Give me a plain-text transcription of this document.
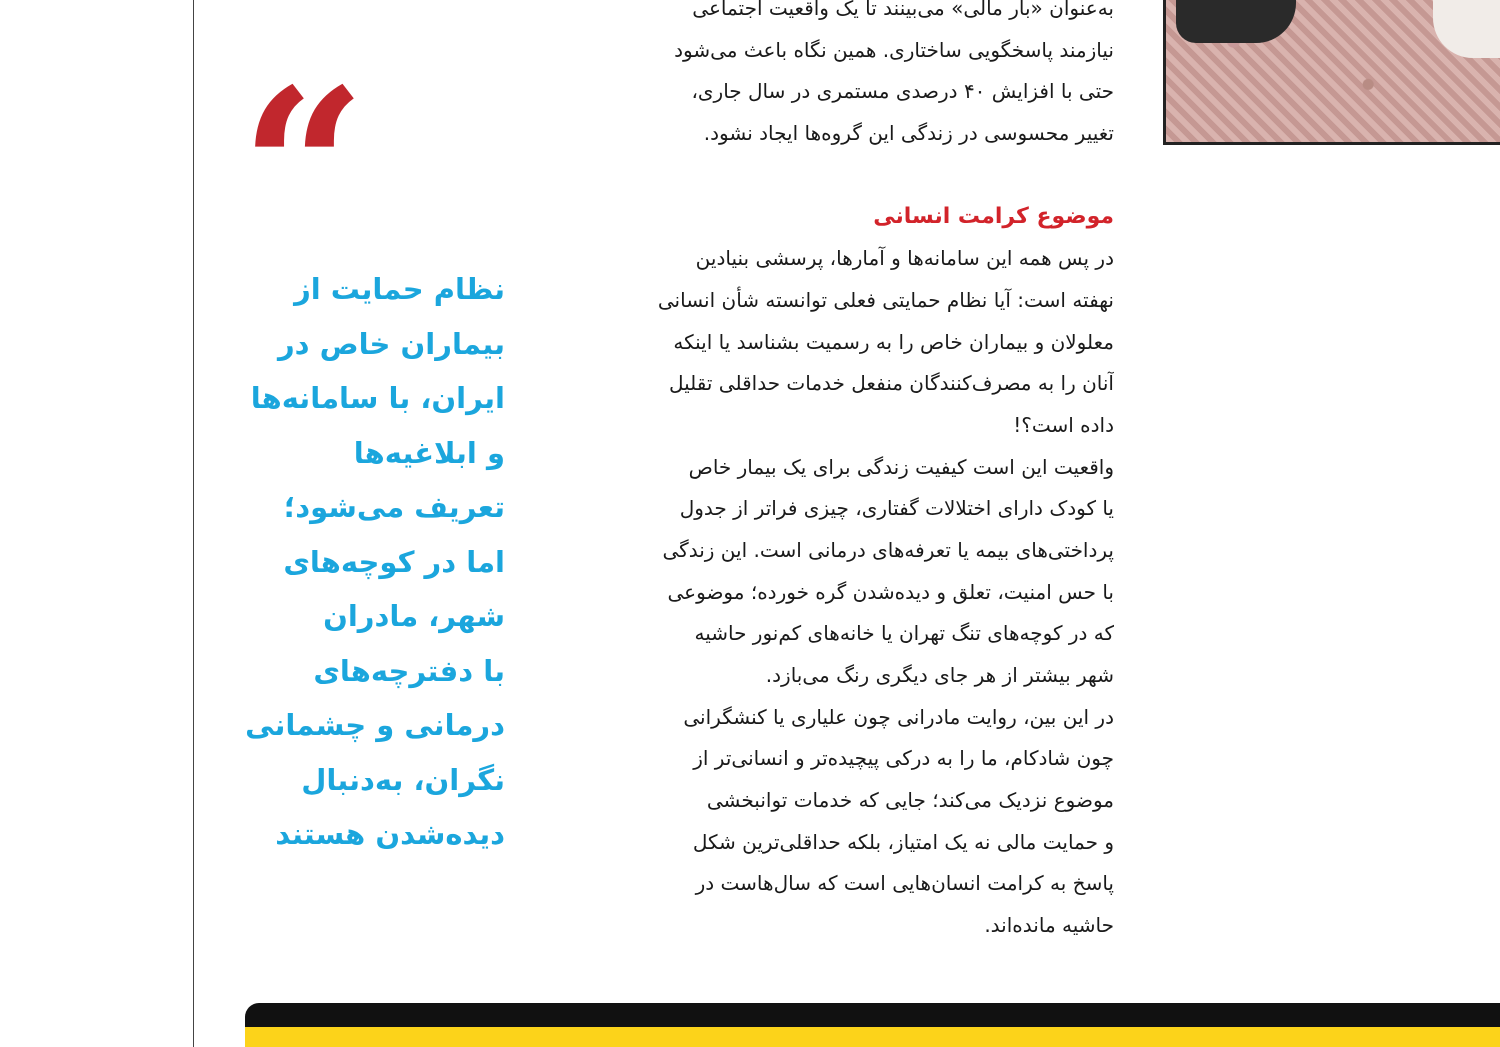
“
نظام حمایت از
بیماران خاص در
ایران، با سامانه‌ها
و ابلاغیه‌ها
تعریف می‌شود؛
اما در کوچه‌های
شهر، مادران
با دفترچه‌های
درمانی و چشمانی
نگران، به‌دنبال
دیده‌شدن هستند
به‌عنوان «بار مالی» می‌بینند تا یک واقعیت اجتماعی
نیازمند پاسخگویی ساختاری. همین نگاه باعث می‌شود
حتی با افزایش ۴۰ درصدی مستمری در سال جاری،
تغییر محسوسی در زندگی این گروه‌ها ایجاد نشود.
موضوع کرامت انسانی
در پس همه این سامانه‌ها و آمارها، پرسشی بنیادین
نهفته است: آیا نظام حمایتی فعلی توانسته شأن انسانی
معلولان و بیماران خاص را به رسمیت بشناسد یا اینکه
آنان را به مصرف‌کنندگان منفعل خدمات حداقلی تقلیل
داده است؟!
واقعیت این است کیفیت زندگی برای یک بیمار خاص
یا کودک دارای اختلالات گفتاری، چیزی فراتر از جدول
پرداختی‌های بیمه یا تعرفه‌های درمانی است. این زندگی
با حس امنیت، تعلق و دیده‌شدن گره خورده؛ موضوعی
که در کوچه‌های تنگ تهران یا خانه‌های کم‌نور حاشیه
شهر بیشتر از هر جای دیگری رنگ می‌بازد.
در این بین، روایت مادرانی چون علیاری یا کنشگرانی
چون شادکام، ما را به درکی پیچیده‌تر و انسانی‌تر از
موضوع نزدیک می‌کند؛ جایی که خدمات توانبخشی
و حمایت مالی نه یک امتیاز، بلکه حداقلی‌ترین شکل
پاسخ به کرامت انسان‌هایی است که سال‌هاست در
حاشیه مانده‌اند.
